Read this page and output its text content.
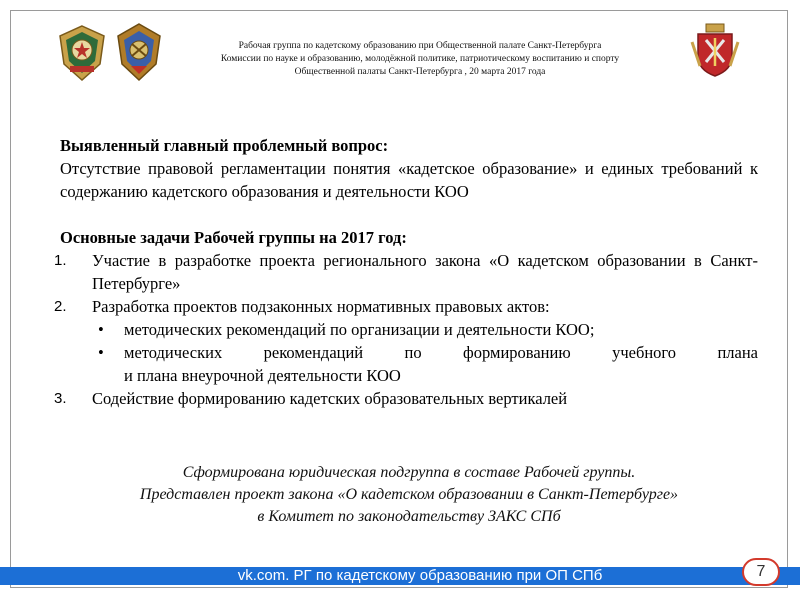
Рабочая группа по кадетскому образованию при Общественной палате Санкт-Петербурга
Комиссии по науке и образованию, молодёжной политике, патриотическому воспитанию и спорту
Общественной палаты Санкт-Петербурга , 20 марта 2017 года
Выявленный главный проблемный вопрос:
Отсутствие правовой регламентации понятия «кадетское образование» и единых требований к содержанию кадетского образования и деятельности КОО
Основные задачи Рабочей группы на 2017 год:
1. Участие в разработке проекта регионального закона «О кадетском образовании в Санкт-Петербурге»
2. Разработка проектов подзаконных нормативных правовых актов:
• методических рекомендаций по организации и деятельности КОО;
• методических рекомендаций по формированию учебного плана
и плана внеурочной деятельности КОО
3. Содействие формированию кадетских образовательных вертикалей
Сформирована юридическая подгруппа в составе Рабочей группы.
Представлен проект закона «О кадетском образовании в Санкт-Петербурге»
в Комитет по законодательству ЗАКС СПб
vk.com. РГ по кадетскому образованию при ОП СПб	7
